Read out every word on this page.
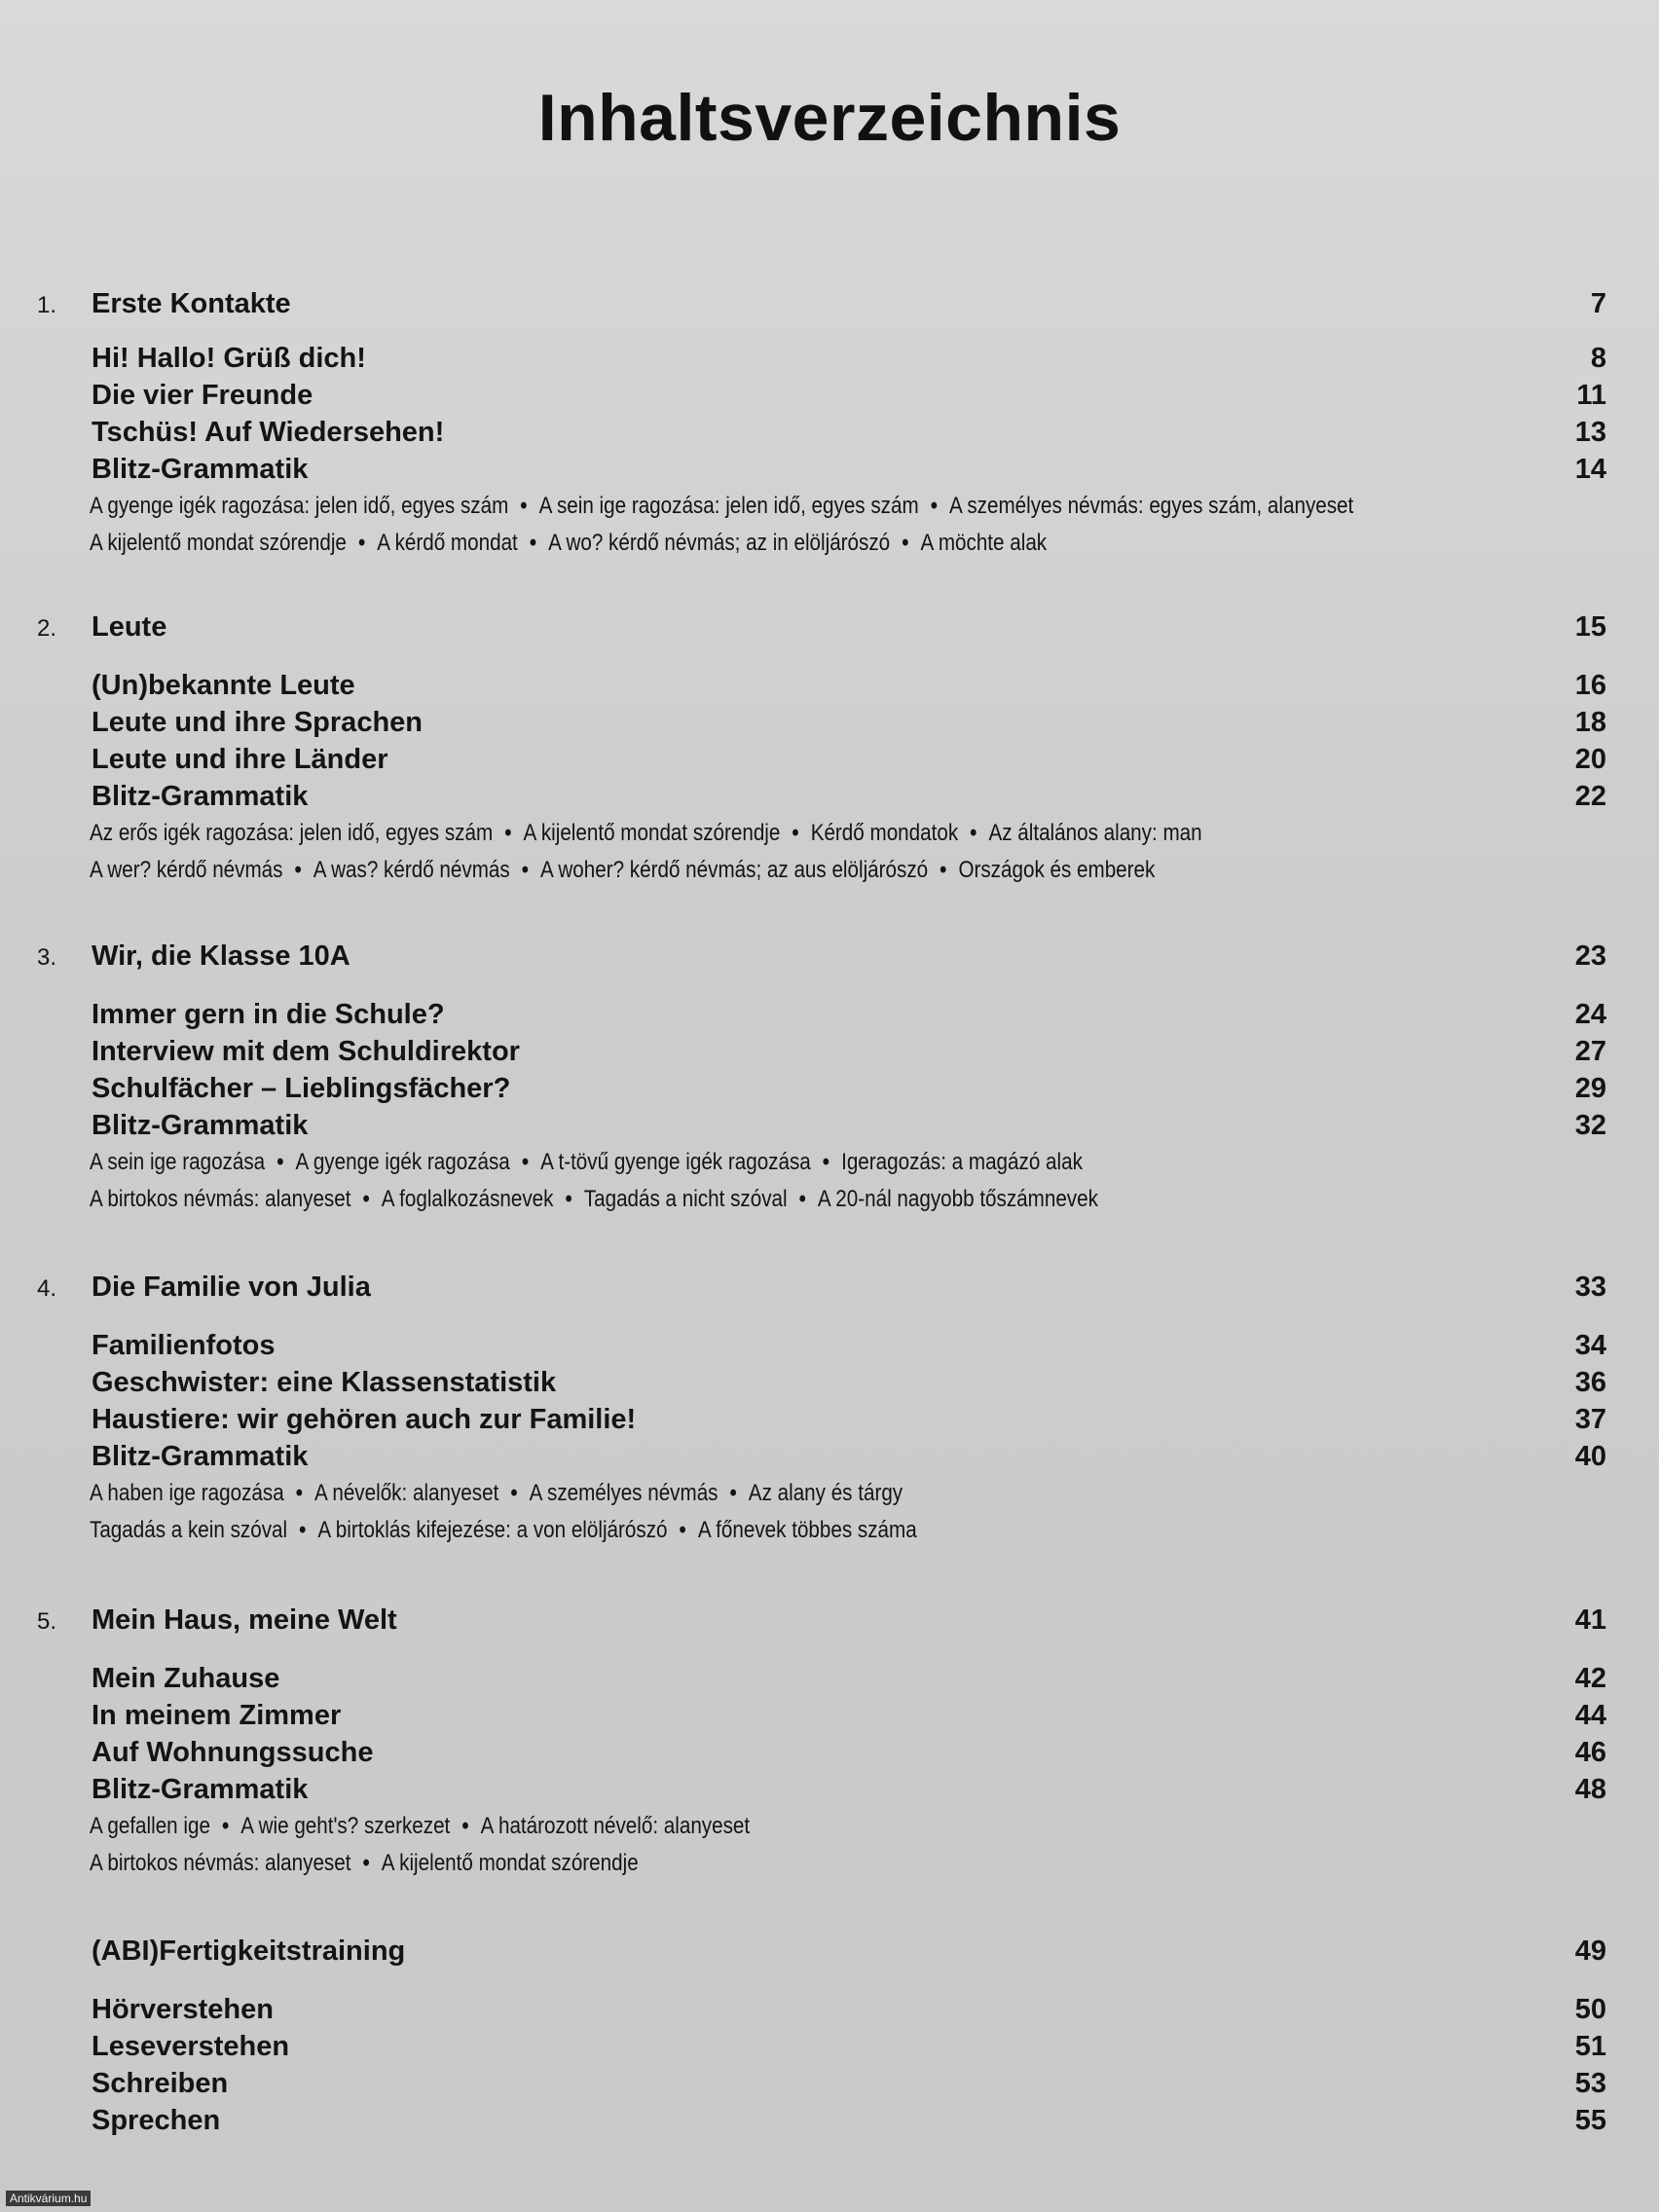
Inhaltsverzeichnis
1. Erste Kontakte	7
Hi! Hallo! Grüß dich!	8
Die vier Freunde	11
Tschüs! Auf Wiedersehen!	13
Blitz-Grammatik	14
A gyenge igék ragozása: jelen idő, egyes szám • A sein ige ragozása: jelen idő, egyes szám • A személyes névmás: egyes szám, alanyeset
A kijelentő mondat szórendje • A kérdő mondat • A wo? kérdő névmás; az in elöljárószó • A möchte alak
2. Leute	15
(Un)bekannte Leute	16
Leute und ihre Sprachen	18
Leute und ihre Länder	20
Blitz-Grammatik	22
Az erős igék ragozása: jelen idő, egyes szám • A kijelentő mondat szórendje • Kérdő mondatok • Az általános alany: man
A wer? kérdő névmás • A was? kérdő névmás • A woher? kérdő névmás; az aus elöljárószó • Országok és emberek
3. Wir, die Klasse 10A	23
Immer gern in die Schule?	24
Interview mit dem Schuldirektor	27
Schulfächer – Lieblingsfächer?	29
Blitz-Grammatik	32
A sein ige ragozása • A gyenge igék ragozása • A t-tövű gyenge igék ragozása • Igeragozás: a magázó alak
A birtokos névmás: alanyeset • A foglalkozásnevek • Tagadás a nicht szóval • A 20-nál nagyobb tőszámnevek
4. Die Familie von Julia	33
Familienfotos	34
Geschwister: eine Klassenstatistik	36
Haustiere: wir gehören auch zur Familie!	37
Blitz-Grammatik	40
A haben ige ragozása • A névelők: alanyeset • A személyes névmás • Az alany és tárgy
Tagadás a kein szóval • A birtoklás kifejezése: a von elöljárószó • A főnevek többes száma
5. Mein Haus, meine Welt	41
Mein Zuhause	42
In meinem Zimmer	44
Auf Wohnungssuche	46
Blitz-Grammatik	48
A gefallen ige • A wie geht's? szerkezet • A határozott névelő: alanyeset
A birtokos névmás: alanyeset • A kijelentő mondat szórendje
(ABI)Fertigkeitstraining	49
Hörverstehen	50
Leseverstehen	51
Schreiben	53
Sprechen	55
Antikvárium.hu
